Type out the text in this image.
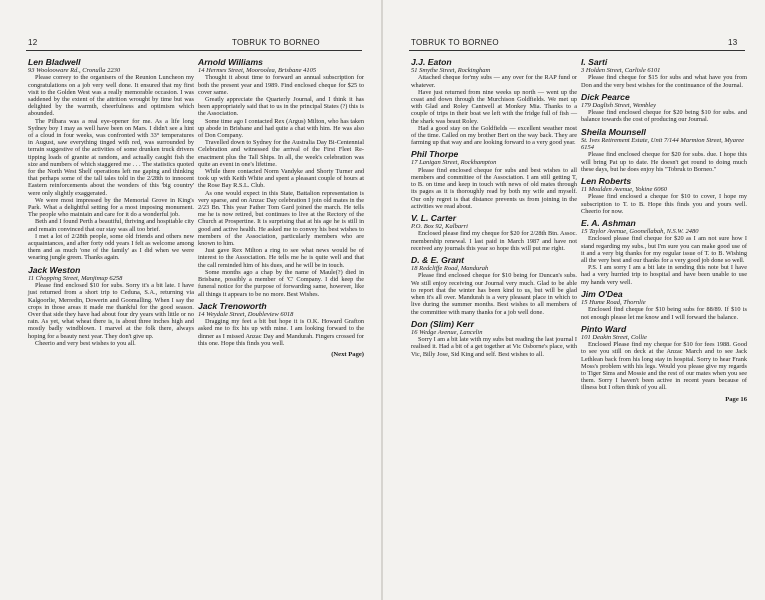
12	TOBRUK TO BORNEO
Len Bladwell
93 Woolooware Rd., Cronulla 2230

Please convey to the organisers of the Reunion Luncheon my congratulations on a job very well done. It ensured that my first visit to the Golden West was a really memorable occasion. I was saddened by the extent of the attrition wrought by time but was delighted by the warmth, cheerfulness and optimism which abounded.

The Pilbara was a real eye-opener for me. As a life long Sydney boy I may as well have been on Mars. I didn't see a hint of a cloud in four weeks, was confronted with 33° temperatures in August, saw everything tinged with red, was surrounded by terrain suggestive of the activities of some drunken truck drivers tipping loads of granite at random, and actually caught fish the size and numbers of which staggered me . . . The statistics quoted for the North West Shelf operations left me gaping and thinking that perhaps some of the tall tales told in the 2/28th to innocent Eastern reinforcements about the wonders of this 'big country' were only slightly exaggerated.

We were most impressed by the Memorial Grove in King's Park. What a delightful setting for a most imposing monument. The people who maintain and care for it do a wonderful job.

Beth and I found Perth a beautiful, thriving and hospitable city and remain convinced that our stay was all too brief.

I met a lot of 2/28th people, some old friends and others new acquaintances, and after forty odd years I felt as welcome among them and as much 'one of the family' as I did when we were wearing jungle green. Thanks again.

Jack Weston
11 Chopping Street, Manjimup 6258

Please find enclosed $10 for subs. Sorry it's a bit late. I have just returned from a short trip to Ceduna, S.A., returning via Kalgoorlie, Merredin, Dowerin and Goomalling. When I say the crops in those areas it made me thankful for the good season. Over that side they have had about four dry years with little or no rain. As yet, what wheat there is, is about three inches high and mostly badly windblown. I marvel at the folk there, always hoping for a beauty next year. They don't give up.

Cheerio and very best wishes to you all.

Arnold Williams
14 Hermes Street, Mooroolea, Brisbane 4105

Thought it about time to forward an annual subscription for both the present year and 1989. Find enclosed cheque for $25 to cover same.

Greatly appreciate the Quarterly Journal, and I think it has been appropriately said that to us in the principal States (?) this is the Association.

Some time ago I contacted Rex (Argus) Milton, who has taken up abode in Brisbane and had quite a chat with him. He was also of Don Company.

Travelled down to Sydney for the Australia Day Bi-Centennial Celebration and witnessed the arrival of the First Fleet Re-enactment plus the Tall Ships. In all, the week's celebration was quite an event in one's lifetime.

While there contacted Norm Vandyke and Shorty Turner and took up with Keith White and spent a pleasant couple of hours at the Rose Bay R.S.L. Club.

As one would expect in this State, Battalion representation is very sparse, and on Anzac Day celebration I join old mates in the 2/23 Bn. This year Father Tom Gard joined the march. He tells me he is now retired, but continues to live at the Rectory of the Church at Prospertine. It is surprising that at his age he is still in good and active health. He asked me to convey his best wishes to members of the Association, particularly members who are known to him.

Just gave Rex Milton a ring to see what news would be of interest to the Association. He tells me he is quite well and that the call reminded him of his dues, and he will be in touch.

Some months ago a chap by the name of Maule(?) died in Brisbane, possibly a member of 'C' Company. I did keep the funeral notice for the purpose of forwarding same, however, like all things it appears to be no more. Best Wishes.

Jack Trenoworth
14 Weydale Street, Doubleview 6018

Dragging my feet a bit but hope it is O.K. Howard Grafton asked me to fix his up with mine. I am looking forward to the dinner as I missed Anzac Day and Mandurah. Fingers crossed for this one. Hope this finds you well.

(Next Page)
TOBRUK TO BORNEO	13
J.J. Eaton
51 Smythe Street, Rockingham

Attached cheque for'my subs — any over for the RAP fund or whatever.

Have just returned from nine weeks up north — went up the coast and down through the Murchison Goldfields. We met up with Glad and Roley Cantwell at Monkey Mia. Thanks to a couple of trips in their boat we left with the fridge full of fish — the shark was beaut Roley.

Had a good stay on the Goldfields — excellent weather most of the time. Called on my brother Bert on the way back. They are farming up that way and are looking forward to a very good year.

Phil Thorpe
17 Lanigan Street, Rockhampton

Please find enclosed cheque for subs and best wishes to all members and committee of the Association. I am still getting T, to B. on time and keep in touch with news of old mates through its pages as it is thoroughly read by both my wife and myself. Our only regret is that distance prevents us from joining in the activities we read about.

V. L. Carter
P.O. Box 92, Kalbarri

Enclosed please find my cheque for $20 for 2/28th Btn. Assoc. membership renewal. I last paid in March 1987 and have not received any journals this year so hope this will put me right.

D. & E. Grant
18 Redcliffe Road, Mandurah

Please find enclosed cheque for $10 being for Duncan's subs. We still enjoy receiving our Journal very much. Glad to be able to report that the winter has been kind to us, but will be glad when it's all over. Mandurah is a very pleasant place in which to live during the summer months. Best wishes to all members of the committee with many thanks for a job well done.

Don (Slim) Kerr
16 Wedge Avenue, Lancelin

Sorry I am a bit late with my subs but reading the last journal I realised it. Had a bit of a get together at Vic Osborne's place, with Vic, Billy Jose, Sid King and self. Best wishes to all.

I. Sarti
3 Holden Street, Carlisle 6101

Please find cheque for $15 for subs and what have you from Don and the very best wishes for the continuance of the Journal.

Dick Pearce
179 Daglish Street, Wembley

Please find enclosed cheque for $20 being $10 for subs. and balance towards the cost of producing our Journal.

Sheila Mounsell
St. Ives Retirement Estate, Unit 7/144 Marmion Street, Myaree 6154

Please find enclosed cheque for $20 for subs. due. I hope this will bring Pat up to date. He doesn't get round to doing much these days, but he does enjoy his "Tobruk to Borneo."

Len Roberts
11 Moulden Avenue, Yokine 6060

Please find enclosed a cheque for $10 to cover, I hope my subscription to T. to B. Hope this finds you and yours well. Cheerio for now.

E. A. Ashman
15 Taylor Avenue, Goonellabah, N.S.W. 2480

Enclosed please find cheque for $20 as I am not sure how I stand regarding my subs., but I'm sure you can make good use of it and a very big thanks for my regular issue of T. to B. Wishing all the very best and our thanks for a very good job done so well.

P.S. I am sorry I am a bit late in sending this note but I have had a very hurried trip to hospital and have been unable to use my hands very well.

Jim O'Dea
15 Hume Road, Thornlie

Enclosed find cheque for $10 being subs for 88/89. If $10 is not enough please let me know and I will forward the balance.

Pinto Ward
101 Deakin Street, Collie

Enclosed Please find my cheque for $10 for fees 1988. Good to see you still on deck at the Anzac March and to see Jack Lethlean back from his long stay in hospital. Sorry to hear Frank Moss's problem with his legs. Would you please give my regards to Tiger Sims and Mossie and the rest of our mates when you see them. Sorry I haven't been active in recent years because of illness but I often think of you all.

Page 16
